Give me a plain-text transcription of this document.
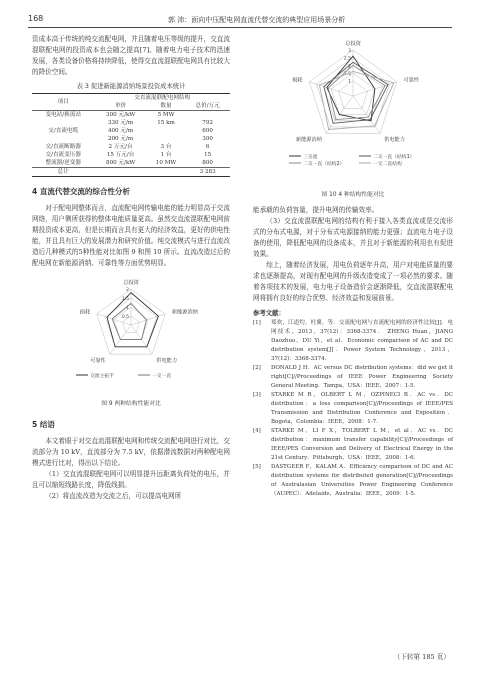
168	郭 沛：面向中压配电网直流代替交流的典型应用场景分析

资成本高于传统的纯交流配电网，并且随着电压等级的提升，交直流混联配电网的投资成本也会随之提高[7]。随着电力电子技术的迅速发展，各类设备价格将持续降低，使得交直流混联配电网具有比较大的降价空间。

表 3 促进新能源消纳场景投资成本统计
项目	交直流混联配电网结构		
	单价	数量	总价/万元
变电站/换流站	300 元/kW	5 MW	
	330 元/m	15 km	792
交/直流电缆	400 元/m		600
	200 元/m		300
交/直流断路器	2 万元/台	3 台	6
交/直流变压器	15 万元/台	1 台	15
整流器/逆变器	800 元/kW	10 MW	800
总计			3 283
4 直流代替交流的综合性分析

对于配电网整体而言，直流配电网传输电能的能力明显高于交流网络，用户侧所获得的整体电能质量更高。虽然交直流混联配电网前期投资成本更高，但是长期而言具有更大的经济效益，更好的供电性能，并且具有巨大的发展潜力和研究价值。纯交流模式与进行直流改造后几种模式的5种性能对比如图 9 和图 10 所示。直流改造过后的配电网在新能源消纳、可靠性等方面优势明显。

0.5
1
1.5
2
总投资
新能源消纳
供电能力
可靠性
损耗
交流主拓手	一交一直
图 9 两种结构性能对比
5 结语

本文着眼于对交直流混联配电网和传统交流配电网进行对比，交流部分为 10 kV，直流部分为 7.5 kV，依据潜流数据对两种配电网模式进行比对，得出以下结论。

（1）交直流混联配电网可以明显提升远距离负荷处的电压，并且可以缩短线路长度，降低线损。

（2）将直流改造为交流之后，可以提高电网所

1
1.5
2
2.5
3
总投资
可靠性
供电能力
新能源消纳
损耗
三交流	二交一直（结构1）
二交一直（结构2）	一交二直结构
图 10 4 种结构性能对比

能承载的负荷容量，提升电网的传输效率。

（3）交直流混联配电网的结构有利于接入各类直流或是交流形式的分布式电源，对于分布式电源接纳的能力更强；直流电力电子设备的使用，降低配电网的设备成本，并且对于新能源的利用也有促进效果。

综上，随着经济发展，用电负荷逐年升高，用户对电能质量的要求也逐渐提高，对现有配电网的升级改造变成了一项必然的要求。随着各项技术的发展，电力电子设备造价会逐渐降低，交直流混联配电网将拥有良好的综合优势、经济效益和发展前景。

参考文献：
[1]	郑欢，江道灼，杜翼，等．交流配电网与直流配电网的经济性比较[J]．电网技术，2013，37(12)：3368-3374． ZHENG Huan，JIANG Daozhuo，DU Yi，et al．Economic comparison of AC and DC distribution system[J]．Power System Technology，2013，37(12)：3368-3374．
[2]	DONALD J H．AC versus DC distribution systems：did we get it right[C]//Proceedings of IEEE Power Engineering Society General Meeting．Tampa，USA：IEEE，2007：1-5．
[3]	STARKE M R，OLBERT L M，OZPINECI B．AC vs．DC distribution：a loss comparison[C]//Proceedings of IEEE/PES Transmission and Distribution Conference and Exposition．Bogota，Colombia：IEEE，2008：1-7．
[4]	STARKE M，LI F X，TOLBERT L M，et al．AC vs．DC distribution：maximum transfer capability[C]//Proceedings of IEEE/PES Conversion and Delivery of Electrical Energy in the 21st Century．Pittsburgh，USA：IEEE，2008：1-6．
[5]	DASTGEER F，KALAM A．Efficiency comparison of DC and AC distribution systems for distributed generation[C]//Proceedings of Australasian Universities Power Engineering Conference（AUPEC）．Adelaide，Australia：IEEE，2009：1-5．
（下转第 185 页）
